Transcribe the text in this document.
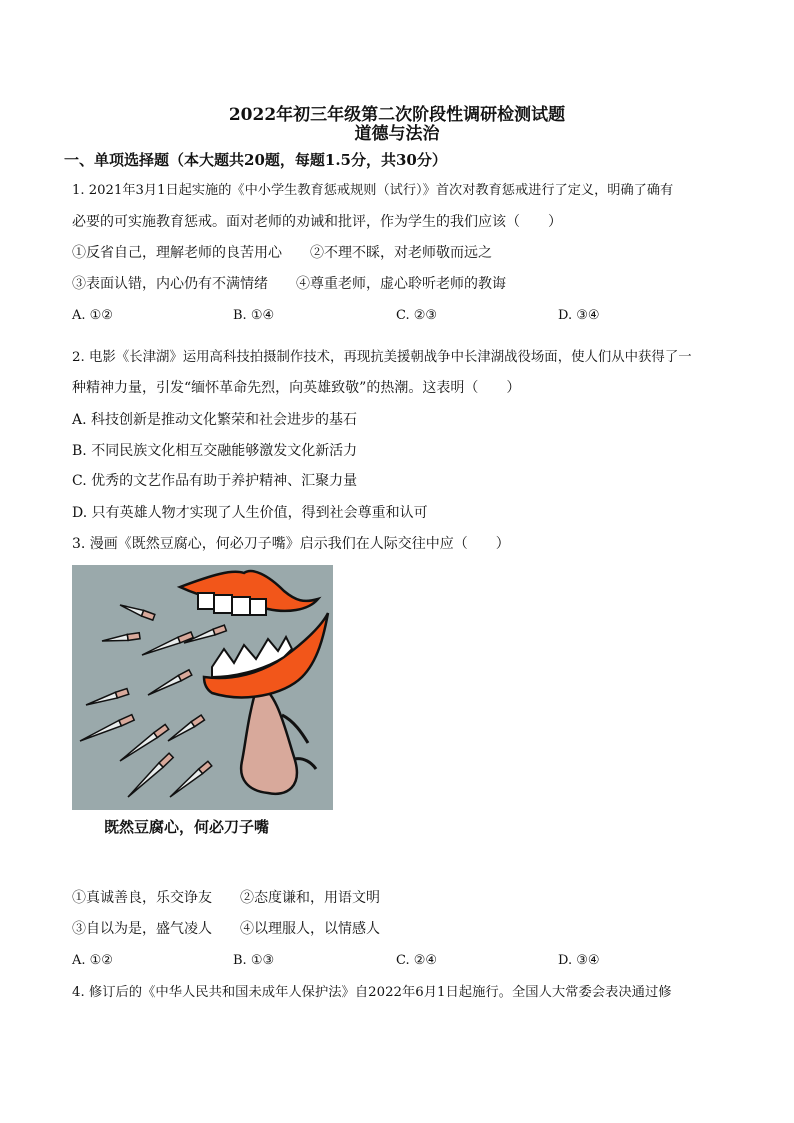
2022年初三年级第二次阶段性调研检测试题
道德与法治
一、单项选择题（本大题共20题，每题1.5分，共30分）
1. 2021年3月1日起实施的《中小学生教育惩戒规则（试行）》首次对教育惩戒进行了定义，明确了确有
必要的可实施教育惩戒。面对老师的劝诫和批评，作为学生的我们应该（　　）
①反省自己，理解老师的良苦用心　　②不理不睬，对老师敬而远之
③表面认错，内心仍有不满情绪　　④尊重老师，虚心聆听老师的教诲
A. ①②	B. ①④	C. ②③	D. ③④
2. 电影《长津湖》运用高科技拍摄制作技术，再现抗美援朝战争中长津湖战役场面，使人们从中获得了一
种精神力量，引发“缅怀革命先烈，向英雄致敬”的热潮。这表明（　　）
A. 科技创新是推动文化繁荣和社会进步的基石
B. 不同民族文化相互交融能够激发文化新活力
C. 优秀的文艺作品有助于养护精神、汇聚力量
D. 只有英雄人物才实现了人生价值，得到社会尊重和认可
3. 漫画《既然豆腐心，何必刀子嘴》启示我们在人际交往中应（　　）
既然豆腐心，何必刀子嘴
①真诚善良，乐交诤友　　②态度谦和，用语文明
③自以为是，盛气凌人　　④以理服人，以情感人
A. ①②	B. ①③	C. ②④	D. ③④
4. 修订后的《中华人民共和国未成年人保护法》自2022年6月1日起施行。全国人大常委会表决通过修
